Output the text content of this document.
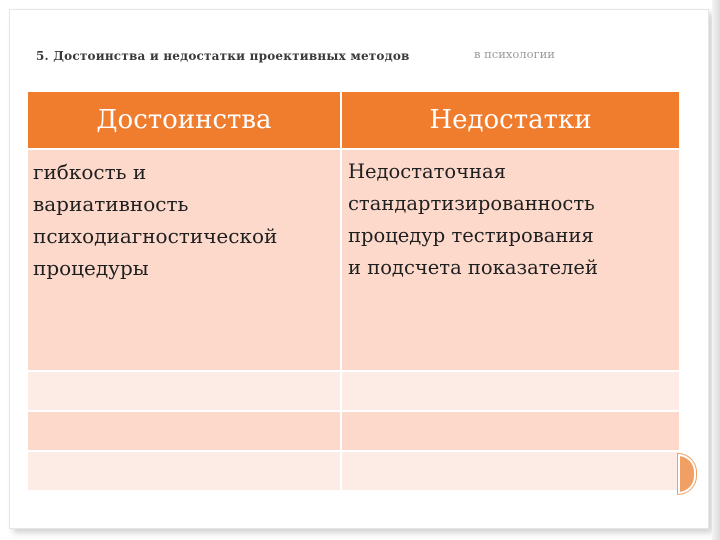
5. Достоинства и недостатки проективных методов	в психологии
Достоинства	Недостатки
гибкость и
вариативность
психодиагностической
процедуры	Недостаточная
стандартизированность
процедур тестирования
и подсчета показателей
